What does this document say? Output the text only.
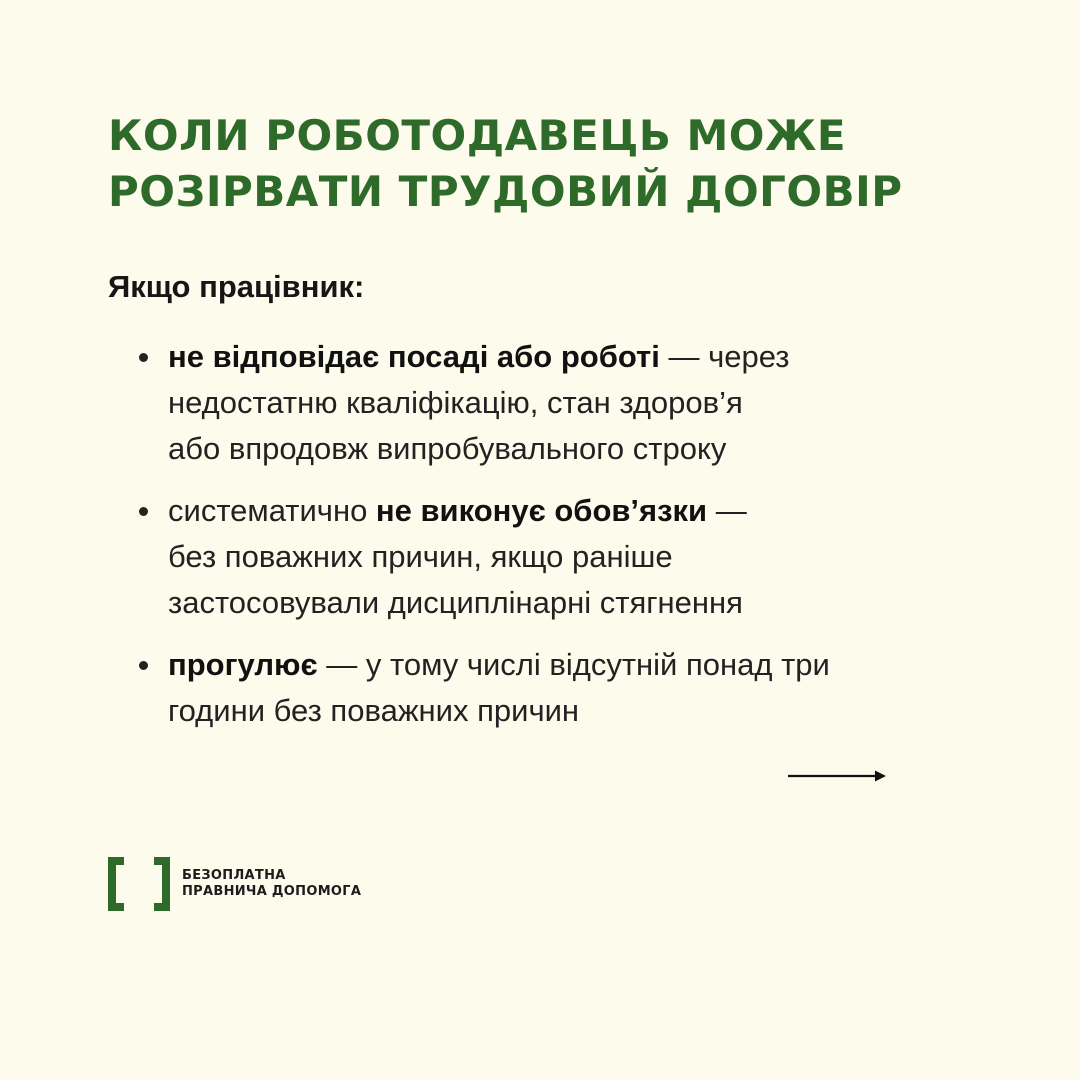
КОЛИ РОБОТОДАВЕЦЬ МОЖЕ
РОЗІРВАТИ ТРУДОВИЙ ДОГОВІР

Якщо працівник:

не відповідає посаді або роботі — через
недостатню кваліфікацію, стан здоров’я
або впродовж випробувального строку
систематично не виконує обов’язки —
без поважних причин, якщо раніше
застосовували дисциплінарні стягнення
прогулює — у тому числі відсутній понад три
години без поважних причин
БЕЗОПЛАТНА
ПРАВНИЧА ДОПОМОГА
